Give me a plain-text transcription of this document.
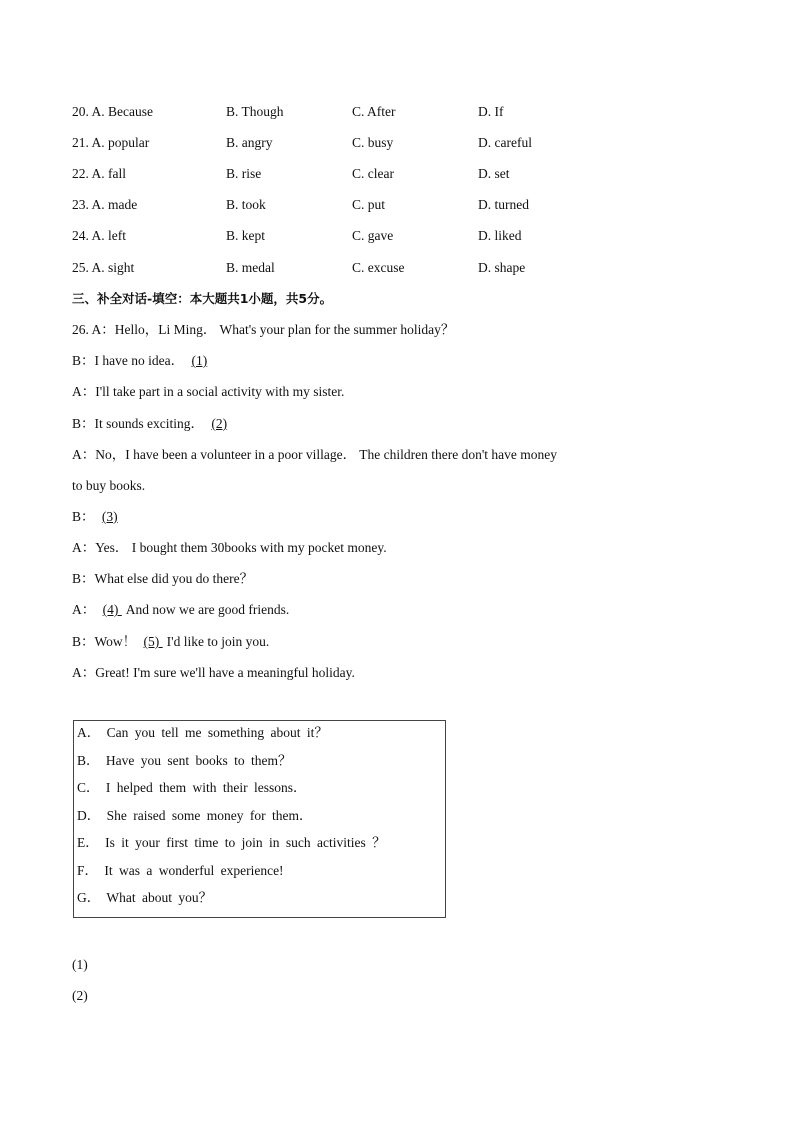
20. A. Because	B. Though	C. After	D. If
21. A. popular	B. angry	C. busy	D. careful
22. A. fall	B. rise	C. clear	D. set
23. A. made	B. took	C. put	D. turned
24. A. left	B. kept	C. gave	D. liked
25. A. sight	B. medal	C. excuse	D. shape
三、补全对话-填空：本大题共1小题，共5分。
26. A：Hello，Li Ming． What's your plan for the summer holiday？
B：I have no idea． (1)
A：I'll take part in a social activity with my sister.
B：It sounds exciting． (2)
A：No，I have been a volunteer in a poor village． The children there don't have money
to buy books.
B： (3)
A：Yes． I bought them 30books with my pocket money.
B：What else did you do there？
A： (4) And now we are good friends.
B：Wow！ (5) I'd like to join you.
A：Great! I'm sure we'll have a meaningful holiday.
A． Can you tell me something about it？
B． Have you sent books to them？
C． I helped them with their lessons．
D． She raised some money for them．
E． Is it your first time to join in such activities ？
F． It was a wonderful experience!
G． What about you？
(1)
(2)
